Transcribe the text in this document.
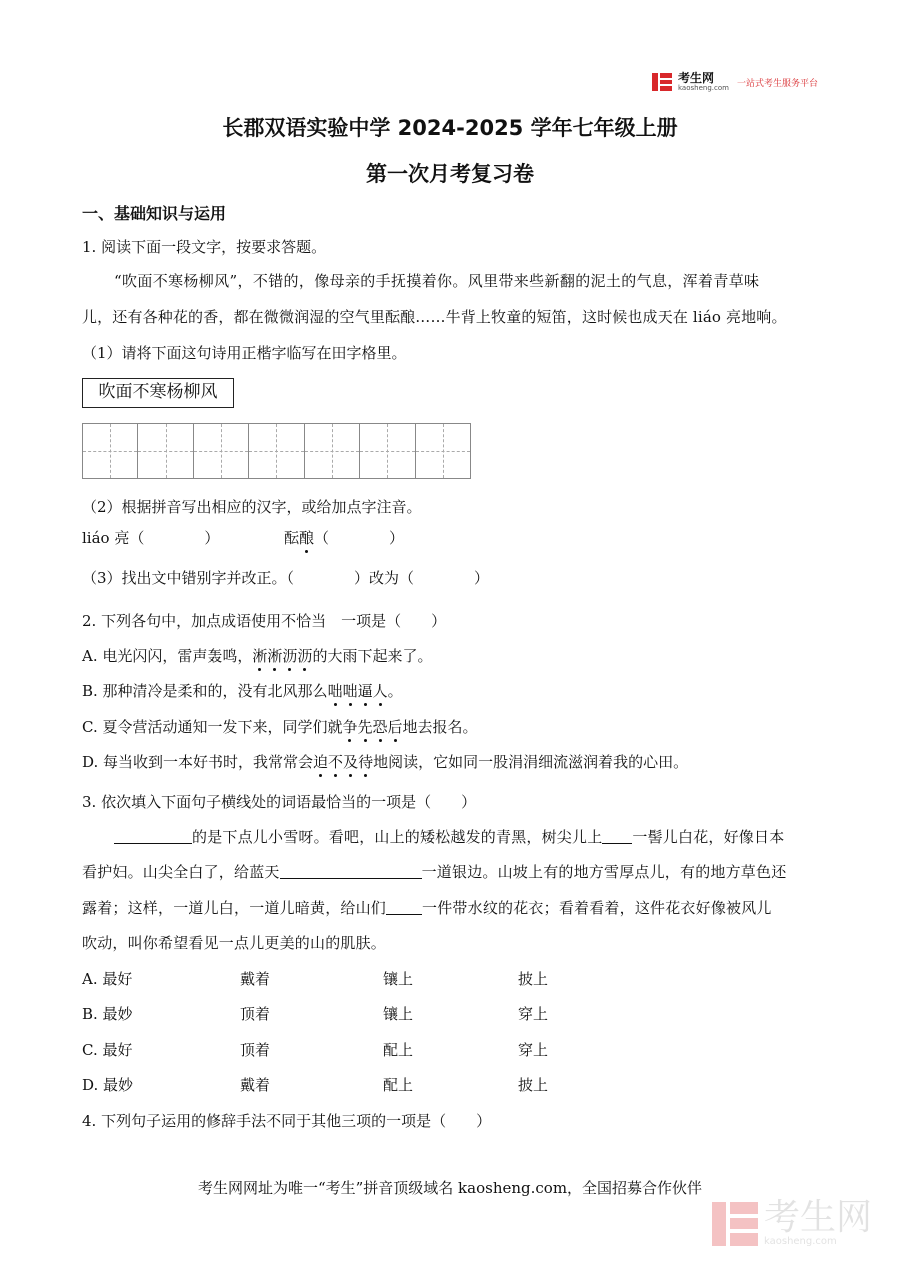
考生网
kaosheng.com 一站式考生服务平台
长郡双语实验中学 2024-2025 学年七年级上册
第一次月考复习卷
一、基础知识与运用
1. 阅读下面一段文字，按要求答题。
“吹面不寒杨柳风”，不错的，像母亲的手抚摸着你。风里带来些新翻的泥土的气息，浑着青草味
儿，还有各种花的香，都在微微润湿的空气里酝酿……牛背上牧童的短笛，这时候也成天在 liáo 亮地响。
（1）请将下面这句诗用正楷字临写在田字格里。
吹面不寒杨柳风
（2）根据拼音写出相应的汉字，或给加点字注音。
liáo 亮（　　　　）	酝酿（　　　　）
（3）找出文中错别字并改正。（　　　　）改为（　　　　）
2. 下列各句中，加点成语使用不恰当　一项是（　　）
A. 电光闪闪，雷声轰鸣，淅淅沥沥的大雨下起来了。
B. 那种清冷是柔和的，没有北风那么咄咄逼人。
C. 夏令营活动通知一发下来，同学们就争先恐后地去报名。
D. 每当收到一本好书时，我常常会迫不及待地阅读，它如同一股涓涓细流滋润着我的心田。
3. 依次填入下面句子横线处的词语最恰当的一项是（　　）
的是下点儿小雪呀。看吧，山上的矮松越发的青黑，树尖儿上 一髻儿白花，好像日本
看护妇。山尖全白了，给蓝天	一道银边。山坡上有的地方雪厚点儿，有的地方草色还
露着；这样，一道儿白，一道儿暗黄，给山们 一件带水纹的花衣；看着看着，这件花衣好像被风儿
吹动，叫你希望看见一点儿更美的山的肌肤。
A. 最好	戴着	镶上	披上
B. 最妙	顶着	镶上	穿上
C. 最好	顶着	配上	穿上
D. 最妙	戴着	配上	披上
4. 下列句子运用的修辞手法不同于其他三项的一项是（　　）
考生网网址为唯一“考生”拼音顶级域名 kaosheng.com，全国招募合作伙伴
考生网
kaosheng.com
